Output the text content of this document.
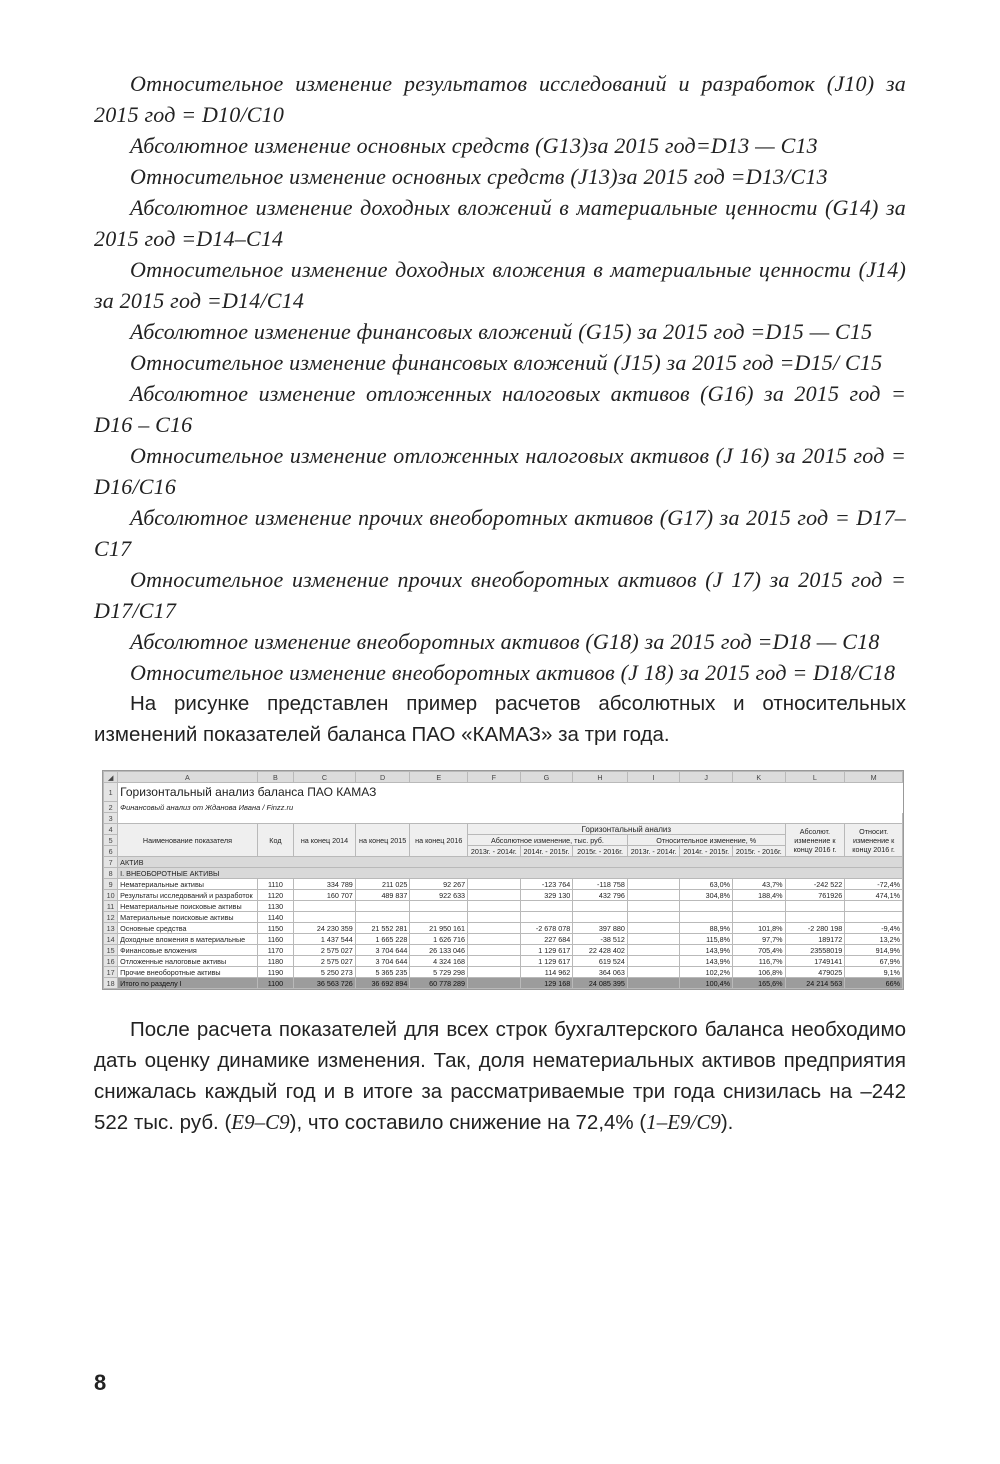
Относительное изменение результатов исследований и разработок (J10) за 2015 год = D10/C10

Абсолютное изменение основных средств (G13)за 2015 год=D13 — C13

Относительное изменение основных средств (J13)за 2015 год =D13/C13

Абсолютное изменение доходных вложений в материальные ценности (G14) за 2015 год =D14–C14

Относительное изменение доходных вложения в материальные ценности (J14) за 2015 год =D14/C14

Абсолютное изменение финансовых вложений (G15) за 2015 год =D15 — C15

Относительное изменение финансовых вложений (J15) за 2015 год =D15/ C15

Абсолютное изменение отложенных налоговых активов (G16) за 2015 год = D16 – C16

Относительное изменение отложенных налоговых активов (J 16) за 2015 год = D16/C16

Абсолютное изменение прочих внеоборотных активов (G17) за 2015 год = D17– C17

Относительное изменение прочих внеоборотных активов (J 17) за 2015 год = D17/C17

Абсолютное изменение внеоборотных активов (G18) за 2015 год =D18 — C18

Относительное изменение внеоборотных активов (J 18) за 2015 год = D18/C18

На рисунке представлен пример расчетов абсолютных и относительных изменений показателей баланса ПАО «КАМАЗ» за три года.

◢	A	B	C	D	E	F	G	H	I	J	K	L	M
1	Горизонтальный анализ баланса ПАО КАМАЗ												
2	Финансовый анализ от Жданова Ивана / Finzz.ru												
3													
4	Наименование показателя	Код	на конец 2014	на конец 2015	на конец 2016	Горизонтальный анализ						Абсолют. изменение к концу 2016 г.	Относит. изменение к концу 2016 г.
5						Абсолютное изменение, тыс. руб.			Относительное изменение, %				
6						2013г. - 2014г.	2014г. - 2015г.	2015г. - 2016г.	2013г. - 2014г.	2014г. - 2015г.	2015г. - 2016г.		
7	АКТИВ												
8	I. ВНЕОБОРОТНЫЕ АКТИВЫ												
9	Нематериальные активы	1110	334 789	211 025	92 267		-123 764	-118 758		63,0%	43,7%	-242 522	-72,4%
10	Результаты исследований и разработок	1120	160 707	489 837	922 633		329 130	432 796		304,8%	188,4%	761926	474,1%
11	Нематериальные поисковые активы	1130											
12	Материальные поисковые активы	1140											
13	Основные средства	1150	24 230 359	21 552 281	21 950 161		-2 678 078	397 880		88,9%	101,8%	-2 280 198	-9,4%
14	Доходные вложения в материальные	1160	1 437 544	1 665 228	1 626 716		227 684	-38 512		115,8%	97,7%	189172	13,2%
15	Финансовые вложения	1170	2 575 027	3 704 644	26 133 046		1 129 617	22 428 402		143,9%	705,4%	23558019	914,9%
16	Отложенные налоговые активы	1180	2 575 027	3 704 644	4 324 168		1 129 617	619 524		143,9%	116,7%	1749141	67,9%
17	Прочие внеоборотные активы	1190	5 250 273	5 365 235	5 729 298		114 962	364 063		102,2%	106,8%	479025	9,1%
18	Итого по разделу I	1100	36 563 726	36 692 894	60 778 289		129 168	24 085 395		100,4%	165,6%	24 214 563	66%

После расчета показателей для всех строк бухгалтерского баланса необходимо дать оценку динамике изменения. Так, доля нематериальных активов предприятия снижалась каждый год и в итоге за рассматриваемые три года снизилась на –242 522 тыс. руб. (E9–C9), что составило снижение на 72,4% (1–E9/C9).

8
